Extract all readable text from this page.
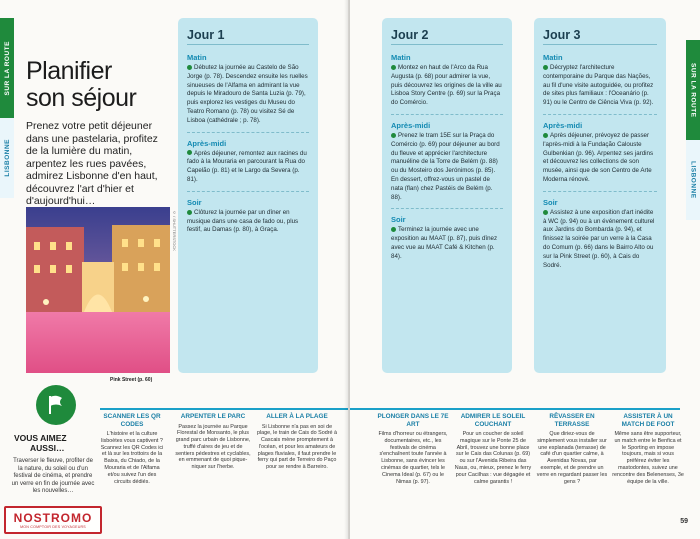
SUR LA ROUTE
LISBONNE
Planifier
son séjour

Prenez votre petit déjeuner dans une pastelaria, profitez de la lumière du matin, arpentez les rues pavées, admirez Lisbonne d'en haut, découvrez l'art d'hier et d'aujourd'hui…

© / SHUTTERSTOCK
Pink Street (p. 60)
Jour 1
Matin

Débutez la journée au Castelo de São Jorge (p. 78). Descendez ensuite les ruelles sinueuses de l'Alfama en admirant la vue depuis le Miradouro de Santa Luzia (p. 79), puis explorez les vestiges du Museu do Teatro Romano (p. 78) ou visitez Sé de Lisboa (cathédrale ; p. 78).

Après-midi

Après déjeuner, remontez aux racines du fado à la Mouraria en parcourant la Rua do Capelão (p. 81) et le Largo da Severa (p. 81).

Soir

Clôturez la journée par un dîner en musique dans une casa de fado ou, plus festif, au Damas (p. 80), à Graça.

VOUS AIMEZ
AUSSI…
Traverser le fleuve, profiter de la nature, du soleil ou d'un festival de cinéma, et prendre un verre en fin de journée avec les nouvelles…
SCANNER LES QR CODES
L'histoire et la culture lisboètes vous captivent ? Scannez les QR Codes ici et là sur les trottoirs de la Baixa, du Chiado, de la Mouraria et de l'Alfama et/ou suivez l'un des circuits dédiés.
ARPENTER LE PARC
Passez la journée au Parque Florestal de Monsanto, le plus grand parc urbain de Lisbonne, truffé d'aires de jeu et de sentiers pédestres et cyclables, en emmenant de quoi pique-niquer sur l'herbe.
ALLER À LA PLAGE
Si Lisbonne n'a pas en soi de plage, le train de Cais do Sodré à Cascais mène promptement à l'océan, et pour les amateurs de plages fluviales, il faut prendre le ferry qui part de Terreiro do Paço pour se rendre à Barreiro.
NOSTROMO
MON COMPTOIR DES VOYAGEURS
Jour 2
Matin

Montez en haut de l'Arco da Rua Augusta (p. 68) pour admirer la vue, puis découvrez les origines de la ville au Lisboa Story Centre (p. 69) sur la Praça do Comércio.

Après-midi

Prenez le tram 15E sur la Praça do Comércio (p. 69) pour déjeuner au bord du fleuve et apprécier l'architecture manuéline de la Torre de Belém (p. 88) ou du Mosteiro dos Jerónimos (p. 85). En dessert, offrez-vous un pastel de nata (flan) chez Pastéis de Belém (p. 88).

Soir

Terminez la journée avec une exposition au MAAT (p. 87), puis dînez avec vue au MAAT Café & Kitchen (p. 84).

Jour 3
Matin

Décryptez l'architecture contemporaine du Parque das Nações, au fil d'une visite autoguidée, ou profitez de sites plus familiaux : l'Oceanário (p. 91) ou le Centro de Ciência Viva (p. 92).

Après-midi

Après déjeuner, prévoyez de passer l'après-midi à la Fundação Calouste Gulbenkian (p. 96). Arpentez ses jardins et découvrez les collections de son musée, ainsi que de son Centro de Arte Moderna rénové.

Soir

Assistez à une exposition d'art inédite à WC (p. 94) ou à un événement culturel aux Jardins do Bombarda (p. 94), et finissez la soirée par un verre à la Casa do Comum (p. 66) dans le Bairro Alto ou sur la Pink Street (p. 60), à Cais do Sodré.

PLONGER DANS LE 7E ART
Films d'horreur ou étrangers, documentaires, etc., les festivals de cinéma s'enchaînent toute l'année à Lisbonne, sans évincer les cinémas de quartier, tels le Cinema Ideal (p. 67) ou le Nimas (p. 97).
ADMIRER LE SOLEIL COUCHANT
Pour un coucher de soleil magique sur le Ponte 25 de Abril, trouvez une bonne place sur le Cais das Colunas (p. 69) ou sur l'Avenida Ribeira das Naus, ou, mieux, prenez le ferry pour Cacilhas : vue dégagée et calme garantis !
RÊVASSER EN TERRASSE
Que diriez-vous de simplement vous installer sur une esplanada (terrasse) de café d'un quartier calme, à Avenidas Novas, par exemple, et de prendre un verre en regardant passer les gens ?
ASSISTER À UN MATCH DE FOOT
Même sans être supporteur, un match entre le Benfica et le Sporting en impose toujours, mais si vous préférez éviter les mastodontes, suivez une rencontre des Belenenses, 3e équipe de la ville.
59
SUR LA ROUTE
LISBONNE
